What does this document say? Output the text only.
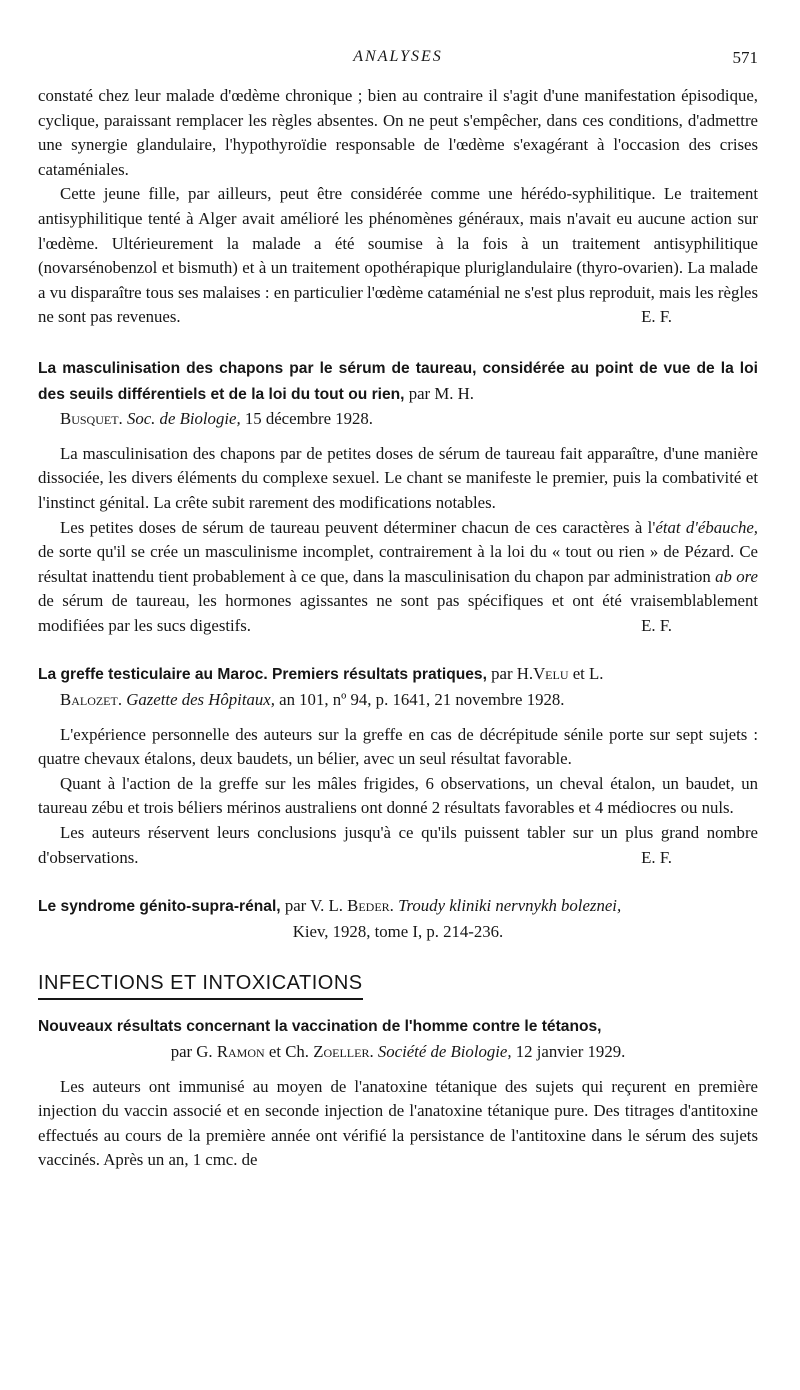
ANALYSES	571

constaté chez leur malade d'œdème chronique ; bien au contraire il s'agit d'une manifestation épisodique, cyclique, paraissant remplacer les règles absentes. On ne peut s'empêcher, dans ces conditions, d'admettre une synergie glandulaire, l'hypothyroïdie responsable de l'œdème s'exagérant à l'occasion des crises cataméniales.

Cette jeune fille, par ailleurs, peut être considérée comme une hérédo-syphilitique. Le traitement antisyphilitique tenté à Alger avait amélioré les phénomènes généraux, mais n'avait eu aucune action sur l'œdème. Ultérieurement la malade a été soumise à la fois à un traitement antisyphilitique (novarsénobenzol et bismuth) et à un traitement opothérapique pluriglandulaire (thyro-ovarien). La malade a vu disparaître tous ses malaises : en particulier l'œdème cataménial ne s'est plus reproduit, mais les règles ne sont pas revenues.	E. F.

La masculinisation des chapons par le sérum de taureau, considérée au point de vue de la loi des seuils différentiels et de la loi du tout ou rien, par M. H.
Busquet. Soc. de Biologie, 15 décembre 1928.

La masculinisation des chapons par de petites doses de sérum de taureau fait apparaître, d'une manière dissociée, les divers éléments du complexe sexuel. Le chant se manifeste le premier, puis la combativité et l'instinct génital. La crête subit rarement des modifications notables.

Les petites doses de sérum de taureau peuvent déterminer chacun de ces caractères à l'état d'ébauche, de sorte qu'il se crée un masculinisme incomplet, contrairement à la loi du « tout ou rien » de Pézard. Ce résultat inattendu tient probablement à ce que, dans la masculinisation du chapon par administration ab ore de sérum de taureau, les hormones agissantes ne sont pas spécifiques et ont été vraisemblablement modifiées par les sucs digestifs.	E. F.

La greffe testiculaire au Maroc. Premiers résultats pratiques, par H.Velu et L.
Balozet. Gazette des Hôpitaux, an 101, nº 94, p. 1641, 21 novembre 1928.

L'expérience personnelle des auteurs sur la greffe en cas de décrépitude sénile porte sur sept sujets : quatre chevaux étalons, deux baudets, un bélier, avec un seul résultat favorable.

Quant à l'action de la greffe sur les mâles frigides, 6 observations, un cheval étalon, un baudet, un taureau zébu et trois béliers mérinos australiens ont donné 2 résultats favorables et 4 médiocres ou nuls.

Les auteurs réservent leurs conclusions jusqu'à ce qu'ils puissent tabler sur un plus grand nombre d'observations.	E. F.

Le syndrome génito-supra-rénal, par V. L. Beder. Troudy kliniki nervnykh boleznei,
Kiev, 1928, tome I, p. 214-236.
INFECTIONS ET INTOXICATIONS
Nouveaux résultats concernant la vaccination de l'homme contre le tétanos,
par G. Ramon et Ch. Zoeller. Société de Biologie, 12 janvier 1929.

Les auteurs ont immunisé au moyen de l'anatoxine tétanique des sujets qui reçurent en première injection du vaccin associé et en seconde injection de l'anatoxine tétanique pure. Des titrages d'antitoxine effectués au cours de la première année ont vérifié la persistance de l'antitoxine dans le sérum des sujets vaccinés. Après un an, 1 cmc. de
